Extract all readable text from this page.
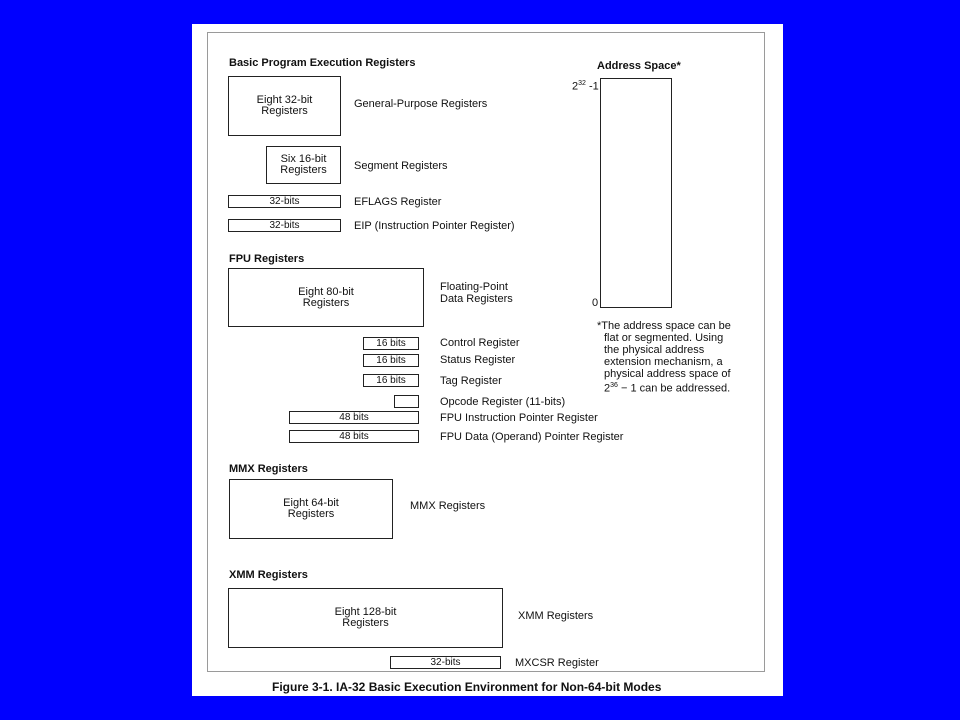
Basic Program Execution Registers
Eight 32-bit
Registers
General-Purpose Registers
Six 16-bit
Registers	Segment Registers
32-bits	EFLAGS Register
32-bits	EIP (Instruction Pointer Register)
Address Space*
$2^{32}$ -1
0
*The address space can be
flat or segmented. Using
the physical address
extension mechanism, a
physical address space of
$2^{36} - 1$ can be addressed.
FPU Registers
Eight 80-bit
Registers
Floating-Point
Data Registers
16 bits	Control Register
16 bits	Status Register
16 bits	Tag Register
Opcode Register (11-bits)
48 bits	FPU Instruction Pointer Register
48 bits	FPU Data (Operand) Pointer Register
MMX Registers
Eight 64-bit
Registers
MMX Registers
XMM Registers
Eight 128-bit
Registers
XMM Registers
32-bits	MXCSR Register
Figure 3-1. IA-32 Basic Execution Environment for Non-64-bit Modes
